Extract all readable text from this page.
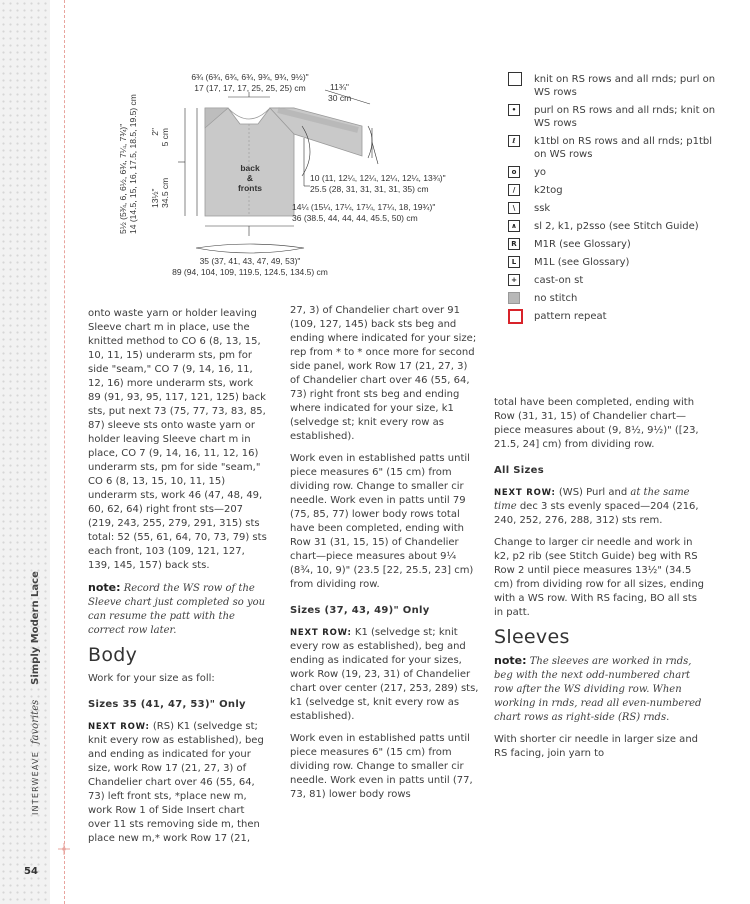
INTERWEAVE favorites Simply Modern Lace
54
6¾ (6¾, 6¾, 6¾, 9¾, 9¾, 9½)"
17 (17, 17, 17, 25, 25, 25) cm	11¾"
30 cm
back
&
fronts
10 (11, 12¼, 12¼, 12¼, 12¼, 13¾)"
25.5 (28, 31, 31, 31, 31, 35) cm
14¼ (15¼, 17¼, 17¼, 17¼, 18, 19¾)"
36 (38.5, 44, 44, 44, 45.5, 50) cm
35 (37, 41, 43, 47, 49, 53)"
89 (94, 104, 109, 119.5, 124.5, 134.5) cm
2" 5 cm
5½ (5¾, 6, 6½, 6¾, 7¼, 7¾)" 14 (14.5, 15, 16, 17.5, 18.5, 19.5) cm 13½" 34.5 cm
knit on RS rows and all rnds; purl on WS rows
•	purl on RS rows and all rnds; knit on WS rows
ℓ	k1tbl on RS rows and all rnds; p1tbl on WS rows
o	yo
/	k2tog
\	ssk
∧	sl 2, k1, p2sso (see Stitch Guide)
R	M1R (see Glossary)
L	M1L (see Glossary)
+	cast-on st
no stitch
pattern repeat

onto waste yarn or holder leaving Sleeve chart m in place, use the knitted method to CO 6 (8, 13, 15, 10, 11, 15) underarm sts, pm for side "seam," CO 7 (9, 14, 16, 11, 12, 16) more underarm sts, work 89 (91, 93, 95, 117, 121, 125) back sts, put next 73 (75, 77, 73, 83, 85, 87) sleeve sts onto waste yarn or holder leaving Sleeve chart m in place, CO 7 (9, 14, 16, 11, 12, 16) underarm sts, pm for side "seam," CO 6 (8, 13, 15, 10, 11, 15) underarm sts, work 46 (47, 48, 49, 60, 62, 64) right front sts—207 (219, 243, 255, 279, 291, 315) sts total: 52 (55, 61, 64, 70, 73, 79) sts each front, 103 (109, 121, 127, 139, 145, 157) back sts.

note: Record the WS row of the Sleeve chart just completed so you can resume the patt with the correct row later.

Body

Work for your size as foll:

Sizes 35 (41, 47, 53)" Only

NEXT ROW: (RS) K1 (selvedge st; knit every row as established), beg and ending as indicated for your size, work Row 17 (21, 27, 3) of Chandelier chart over 46 (55, 64, 73) left front sts, *place new m, work Row 1 of Side Insert chart over 11 sts removing side m, then place new m,* work Row 17 (21,

27, 3) of Chandelier chart over 91 (109, 127, 145) back sts beg and ending where indicated for your size; rep from * to * once more for second side panel, work Row 17 (21, 27, 3) of Chandelier chart over 46 (55, 64, 73) right front sts beg and ending where indicated for your size, k1 (selvedge st; knit every row as established).

Work even in established patts until piece measures 6" (15 cm) from dividing row. Change to smaller cir needle. Work even in patts until 79 (75, 85, 77) lower body rows total have been completed, ending with Row 31 (31, 15, 15) of Chandelier chart—piece measures about 9¼ (8¾, 10, 9)" (23.5 [22, 25.5, 23] cm) from dividing row.

Sizes (37, 43, 49)" Only

NEXT ROW: K1 (selvedge st; knit every row as established), beg and ending as indicated for your sizes, work Row (19, 23, 31) of Chandelier chart over center (217, 253, 289) sts, k1 (selvedge st, knit every row as established).

Work even in established patts until piece measures 6" (15 cm) from dividing row. Change to smaller cir needle. Work even in patts until (77, 73, 81) lower body rows

total have been completed, ending with Row (31, 31, 15) of Chandelier chart—piece measures about (9, 8½, 9½)" ([23, 21.5, 24] cm) from dividing row.

All Sizes

NEXT ROW: (WS) Purl and at the same time dec 3 sts evenly spaced—204 (216, 240, 252, 276, 288, 312) sts rem.

Change to larger cir needle and work in k2, p2 rib (see Stitch Guide) beg with RS Row 2 until piece measures 13½" (34.5 cm) from dividing row for all sizes, ending with a WS row. With RS facing, BO all sts in patt.

Sleeves

note: The sleeves are worked in rnds, beg with the next odd-numbered chart row after the WS dividing row. When working in rnds, read all even-numbered chart rows as right-side (RS) rnds.

With shorter cir needle in larger size and RS facing, join yarn to
